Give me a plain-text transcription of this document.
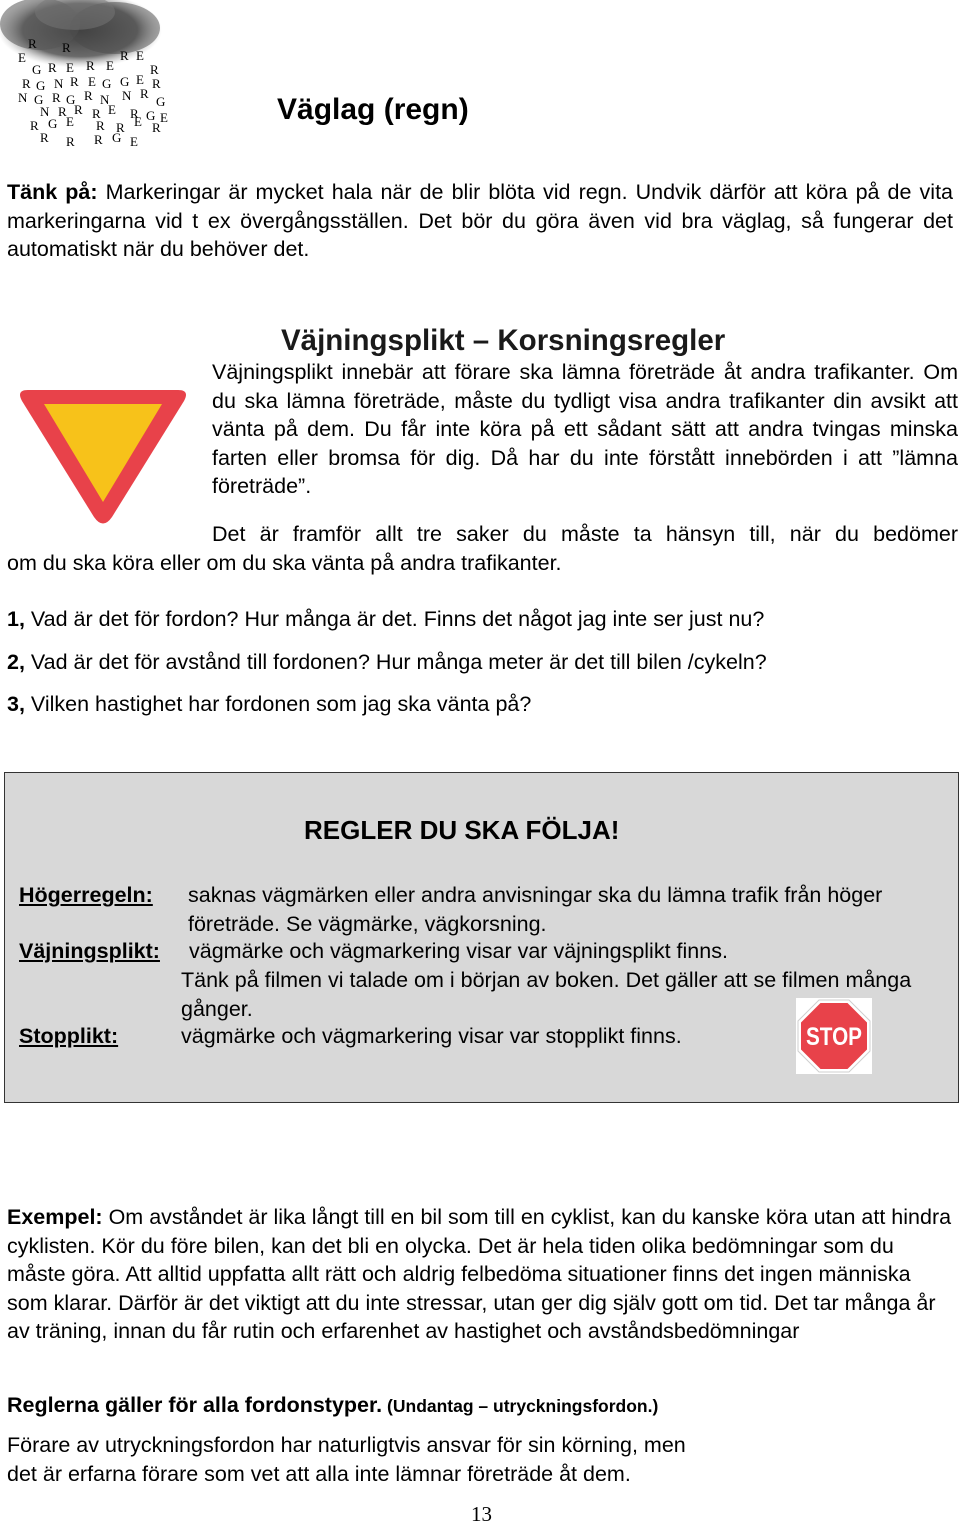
R R
E
G R E R E
R E
R
R G N R E G G E R
N G R G R N N R
G
N R R R E R G E
R G E R R E R
R R R G E
Väglag (regn)
Tänk på: Markeringar är mycket hala när de blir blöta vid regn. Undvik därför att köra på de vita markeringarna vid t ex övergångsställen. Det bör du göra även vid bra väglag, så fungerar det automatiskt när du behöver det.
Väjningsplikt – Korsningsregler
Väjningsplikt innebär att förare ska lämna företräde åt andra trafikanter. Om du ska lämna företräde, måste du tydligt visa andra trafikanter din avsikt att vänta på dem. Du får inte köra på ett sådant sätt att andra tvingas minska farten eller bromsa för dig. Då har du inte förstått innebörden i att ”lämna företräde”.
Det är framför allt tre saker du måste ta hänsyn till, när du bedömer
om du ska köra eller om du ska vänta på andra trafikanter.
1, Vad är det för fordon? Hur många är det. Finns det något jag inte ser just nu?
2, Vad är det för avstånd till fordonen? Hur många meter är det till bilen /cykeln?
3, Vilken hastighet har fordonen som jag ska vänta på?
REGLER DU SKA FÖLJA!
Högerregeln: saknas vägmärken eller andra anvisningar ska du lämna trafik från höger företräde. Se vägmärke, vägkorsning.
Väjningsplikt: vägmärke och vägmarkering visar var väjningsplikt finns.
Tänk på filmen vi talade om i början av boken. Det gäller att se filmen många gånger.
Stopplikt:	vägmärke och vägmarkering visar var stopplikt finns.	STOP
Exempel: Om avståndet är lika långt till en bil som till en cyklist, kan du kanske köra utan att hindra cyklisten. Kör du före bilen, kan det bli en olycka. Det är hela tiden olika bedömningar som du måste göra. Att alltid uppfatta allt rätt och aldrig felbedöma situationer finns det ingen människa som klarar. Därför är det viktigt att du inte stressar, utan ger dig själv gott om tid. Det tar många år av träning, innan du får rutin och erfarenhet av hastighet och avståndsbedömningar
Reglerna gäller för alla fordonstyper. (Undantag – utryckningsfordon.)
Förare av utryckningsfordon har naturligtvis ansvar för sin körning, men
det är erfarna förare som vet att alla inte lämnar företräde åt dem.
13
